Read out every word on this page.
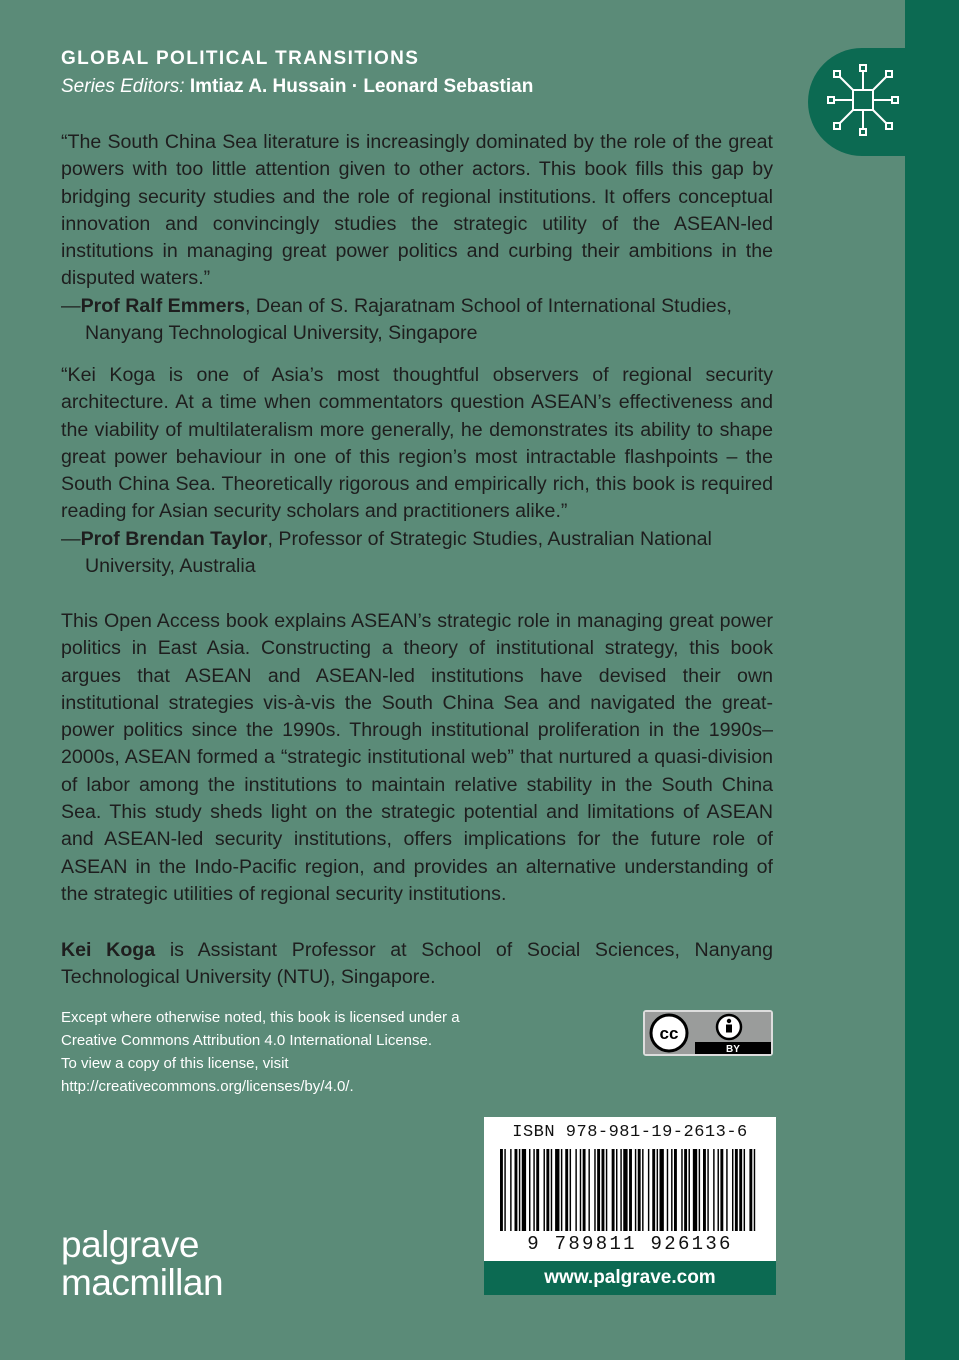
GLOBAL POLITICAL TRANSITIONS
Series Editors: Imtiaz A. Hussain · Leonard Sebastian

“The South China Sea literature is increasingly dominated by the role of the great powers with too little attention given to other actors. This book fills this gap by bridging security studies and the role of regional institutions. It offers conceptual innovation and convincingly studies the strategic utility of the ASEAN-led institutions in managing great power politics and curbing their ambitions in the disputed waters.”

—Prof Ralf Emmers, Dean of S. Rajaratnam School of International Studies, Nanyang Technological University, Singapore

“Kei Koga is one of Asia’s most thoughtful observers of regional security architecture. At a time when commentators question ASEAN’s effectiveness and the viability of multilateralism more generally, he demonstrates its ability to shape great power behaviour in one of this region’s most intractable flashpoints – the South China Sea. Theoretically rigorous and empirically rich, this book is required reading for Asian security scholars and practitioners alike.”

—Prof Brendan Taylor, Professor of Strategic Studies, Australian National University, Australia

This Open Access book explains ASEAN’s strategic role in managing great power politics in East Asia. Constructing a theory of institutional strategy, this book argues that ASEAN and ASEAN-led institutions have devised their own institutional strategies vis-à-vis the South China Sea and navigated the great-power politics since the 1990s. Through institutional proliferation in the 1990s–2000s, ASEAN formed a “strategic institutional web” that nurtured a quasi-division of labor among the institutions to maintain relative stability in the South China Sea. This study sheds light on the strategic potential and limitations of ASEAN and ASEAN-led security institutions, offers implications for the future role of ASEAN in the Indo-Pacific region, and provides an alternative understanding of the strategic utilities of regional security institutions.

Kei Koga is Assistant Professor at School of Social Sciences, Nanyang Technological University (NTU), Singapore.

Except where otherwise noted, this book is licensed under a
Creative Commons Attribution 4.0 International License.
To view a copy of this license, visit
http://creativecommons.org/licenses/by/4.0/.
cc
BY
ISBN 978-981-19-2613-6
9 789811 926136
www.palgrave.com
palgrave
macmillan
